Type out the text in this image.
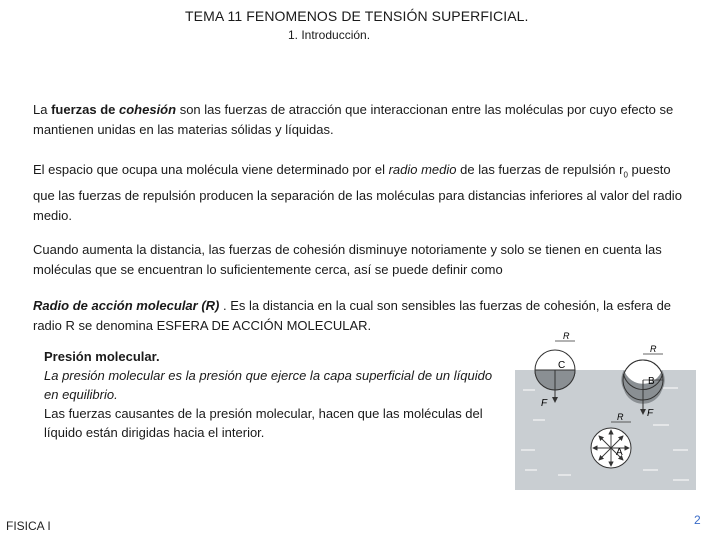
TEMA 11 FENOMENOS DE TENSIÓN SUPERFICIAL.
1. Introducción.
La fuerzas de cohesión son las fuerzas de atracción que interaccionan entre las moléculas por cuyo efecto se mantienen unidas en las materias sólidas y líquidas.
El espacio que ocupa una molécula viene determinado por el radio medio de las fuerzas de repulsión $r_0$ puesto que las fuerzas de repulsión producen la separación de las moléculas para distancias inferiores al valor del radio medio.
Cuando aumenta la distancia, las fuerzas de cohesión disminuye notoriamente y solo se tienen en cuenta las moléculas que se encuentran lo suficientemente cerca, así se puede definir como
Radio de acción molecular (R) . Es la distancia en la cual son sensibles las fuerzas de cohesión, la esfera de radio R se denomina ESFERA DE ACCIÓN MOLECULAR.
Presión molecular.
La presión molecular es la presión que ejerce la capa superficial de un líquido en equilibrio.
Las fuerzas causantes de la presión molecular, hacen que las moléculas del líquido están dirigidas hacia el interior.
R
C
F
R
B
F
R
A
FISICA I	2
